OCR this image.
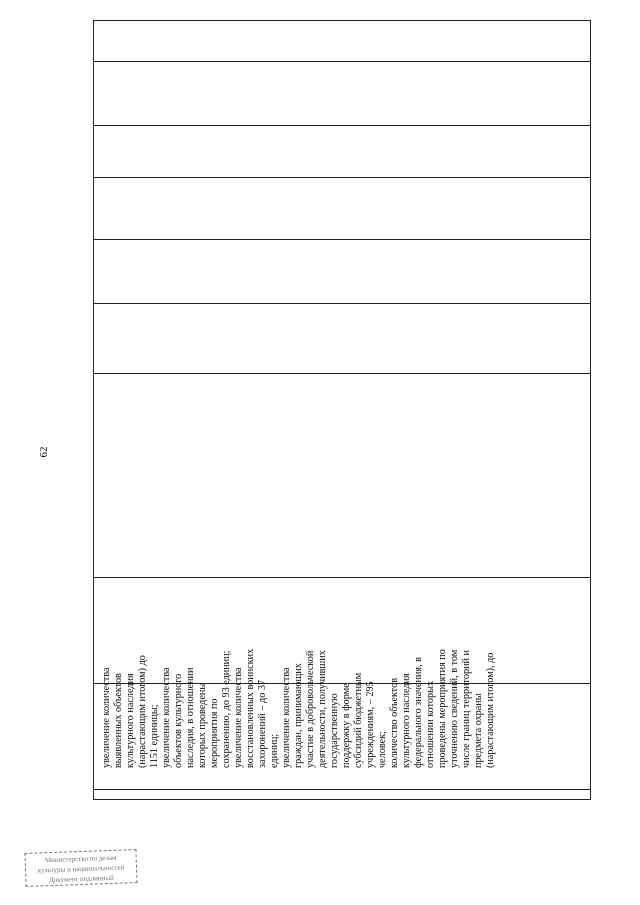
62
увеличение количества выявленных объектов культурного наследия (нарастающим итогом) до 1151 единицы; увеличение количества объектов культурного наследия, в отношении которых проведены мероприятия по сохранению, до 93 единиц; увеличение количества восстановленных воинских захоронений – до 37 единиц; увеличение количества граждан, принимающих участие в добровольческой деятельности, получивших государственную поддержку в форме субсидий бюджетным учреждениям, – 295 человек; количество объектов культурного наследия федерального значения, в отношении которых проведены мероприятия по уточнению сведений, в том числе границ территорий и предмета охраны (нарастающим итогом), до
Министерство по делам
культуры и национальностей
Документ подлинный
